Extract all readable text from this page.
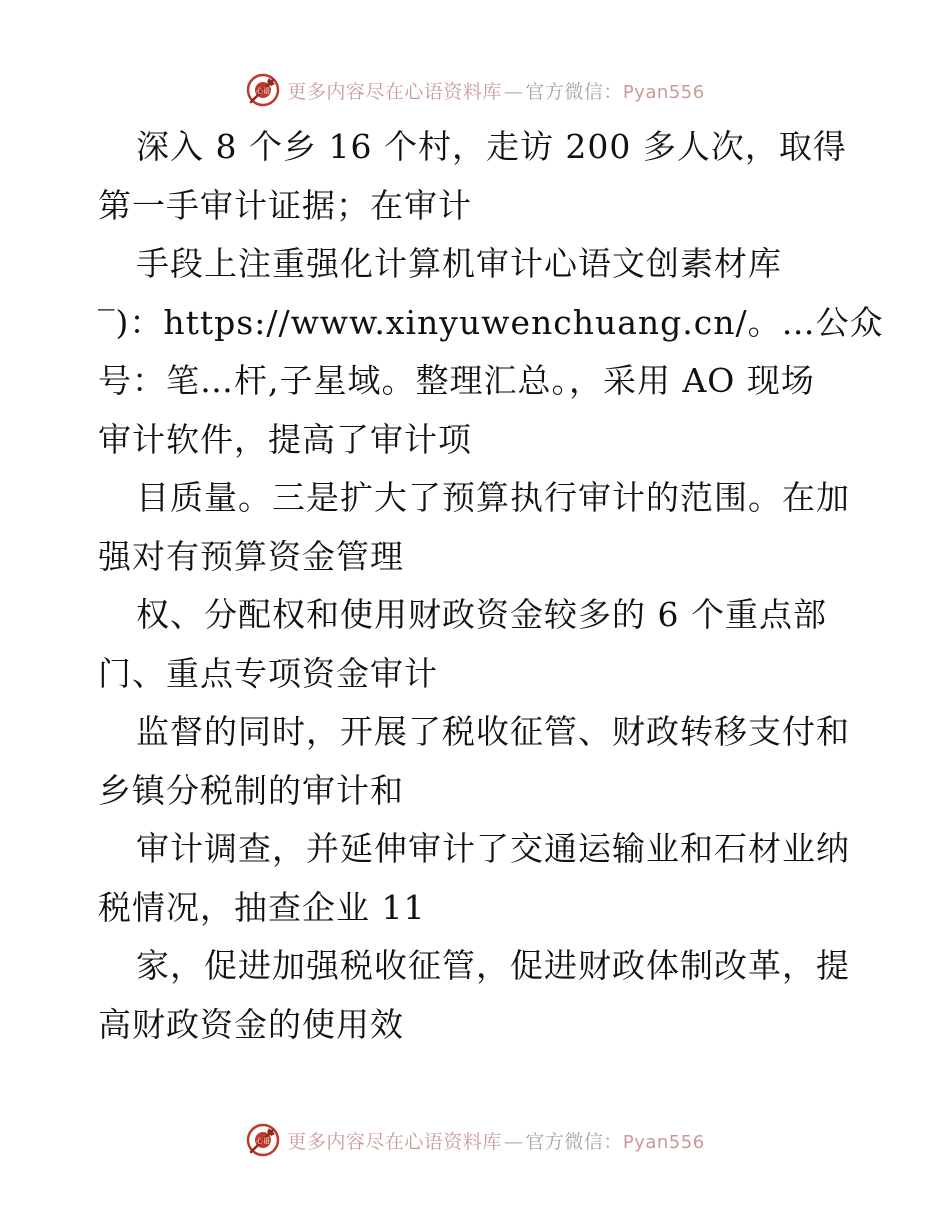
心语 更多内容尽在心语资料库 — 官方微信：Pyan556
深入 8 个乡 16 个村，走访 200 多人次，取得
第一手审计证据；在审计
手段上注重强化计算机审计心语文创素材库
‾)：https://www.xinyuwenchuang.cn/。…公众
号：笔…杆,子星域。整理汇总。，采用 AO 现场
审计软件，提高了审计项
目质量。三是扩大了预算执行审计的范围。在加
强对有预算资金管理
权、分配权和使用财政资金较多的 6 个重点部
门、重点专项资金审计
监督的同时，开展了税收征管、财政转移支付和
乡镇分税制的审计和
审计调查，并延伸审计了交通运输业和石材业纳
税情况，抽查企业 11
家，促进加强税收征管，促进财政体制改革，提
高财政资金的使用效
心语 更多内容尽在心语资料库 — 官方微信：Pyan556
